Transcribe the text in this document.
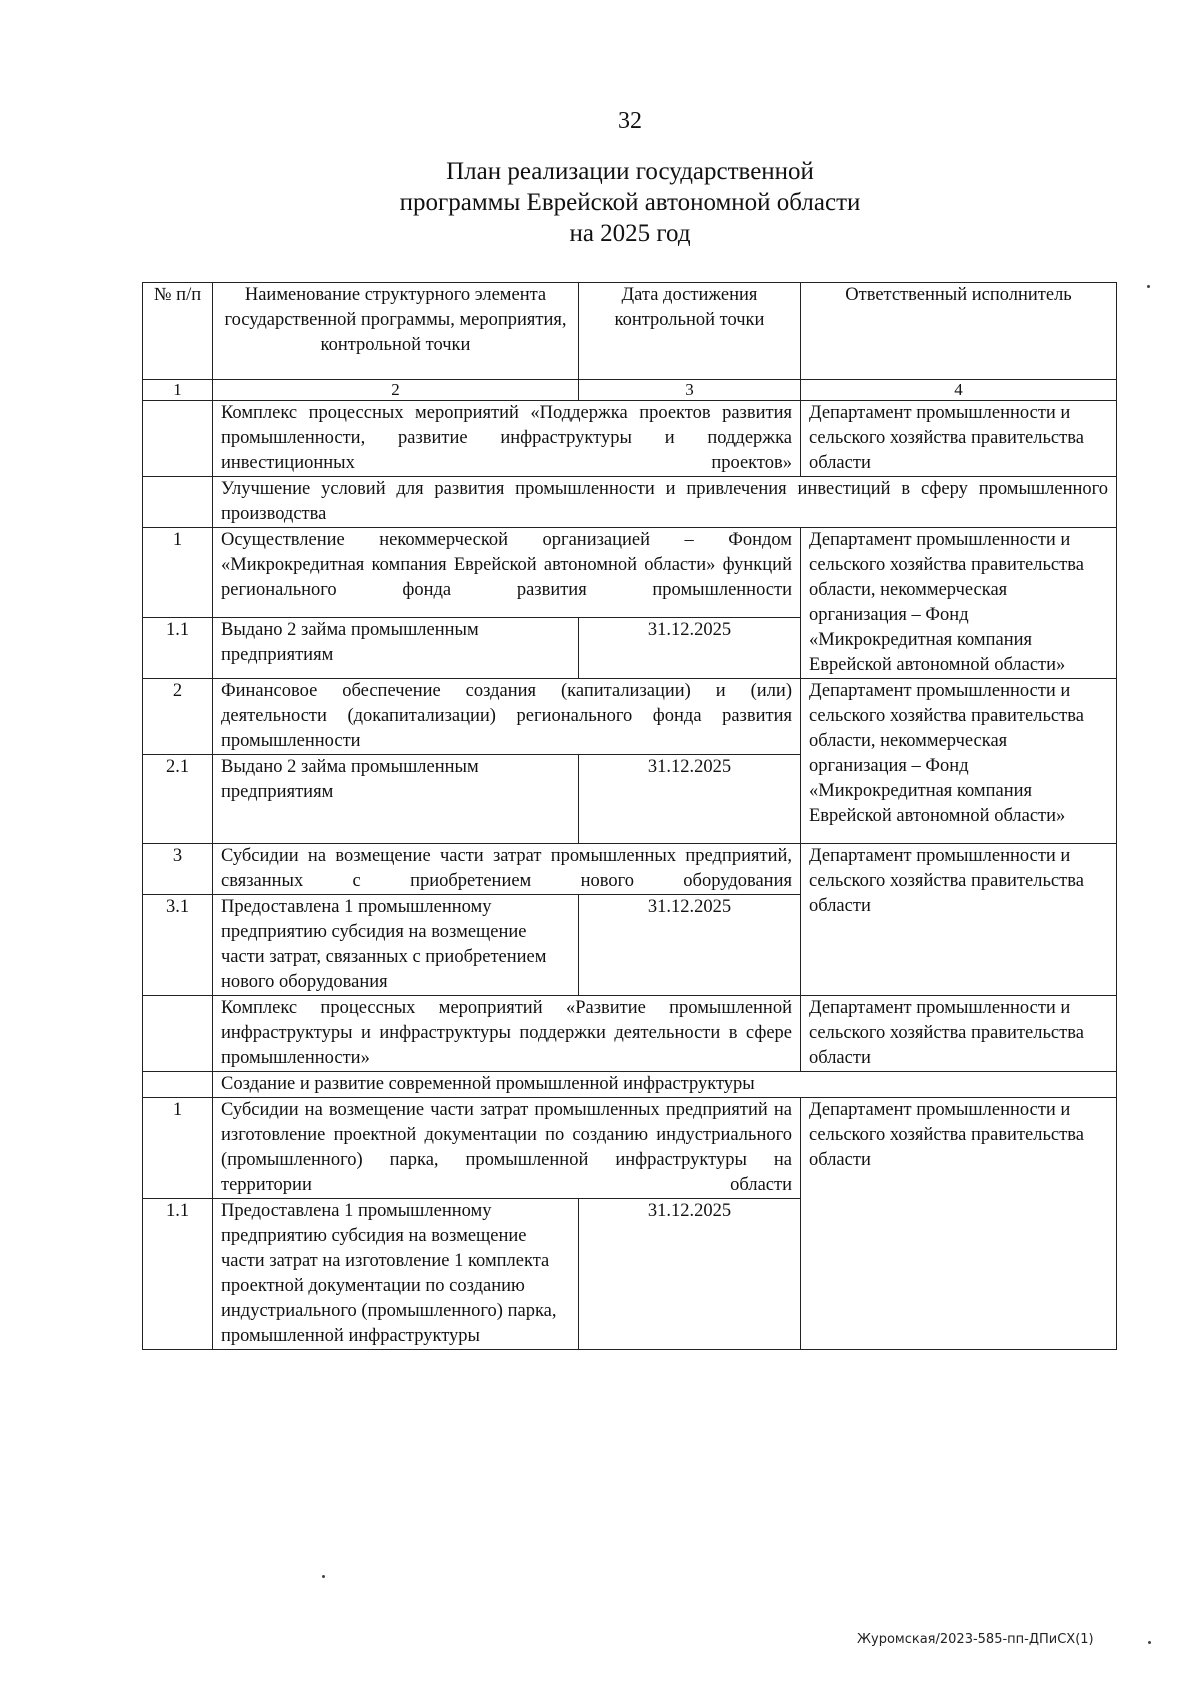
32
План реализации государственной
программы Еврейской автономной области
на 2025 год
№ п/п	Наименование структурного элемента государственной программы, мероприятия, контрольной точки	Дата достижения контрольной точки	Ответственный исполнитель
1	2	3	4
	Комплекс процессных мероприятий «Поддержка проектов развития промышленности, развитие инфраструктуры и поддержка инвестиционных проектов»		Департамент промышленности и сельского хозяйства правительства области
	Улучшение условий для развития промышленности и привлечения инвестиций в сферу промышленного производства		
1	Осуществление некоммерческой организацией – Фондом «Микрокредитная компания Еврейской автономной области» функций регионального фонда развития промышленности		Департамент промышленности и сельского хозяйства правительства области, некоммерческая организация – Фонд «Микрокредитная компания Еврейской автономной области»
1.1	Выдано 2 займа промышленным предприятиям	31.12.2025	
2	Финансовое обеспечение создания (капитализации) и (или) деятельности (докапитализации) регионального фонда развития промышленности		Департамент промышленности и сельского хозяйства правительства области, некоммерческая организация – Фонд «Микрокредитная компания Еврейской автономной области»
2.1	Выдано 2 займа промышленным предприятиям	31.12.2025	
3	Субсидии на возмещение части затрат промышленных предприятий, связанных с приобретением нового оборудования		Департамент промышленности и сельского хозяйства правительства области
3.1	Предоставлена 1 промышленному предприятию субсидия на возмещение части затрат, связанных с приобретением нового оборудования	31.12.2025	
	Комплекс процессных мероприятий «Развитие промышленной инфраструктуры и инфраструктуры поддержки деятельности в сфере промышленности»		Департамент промышленности и сельского хозяйства правительства области
	Создание и развитие современной промышленной инфраструктуры		
1	Субсидии на возмещение части затрат промышленных предприятий на изготовление проектной документации по созданию индустриального (промышленного) парка, промышленной инфраструктуры на территории области		Департамент промышленности и сельского хозяйства правительства области
1.1	Предоставлена 1 промышленному предприятию субсидия на возмещение части затрат на изготовление 1 комплекта проектной документации по созданию индустриального (промышленного) парка, промышленной инфраструктуры	31.12.2025	
Журомская/2023-585-пп-ДПиСХ(1)
